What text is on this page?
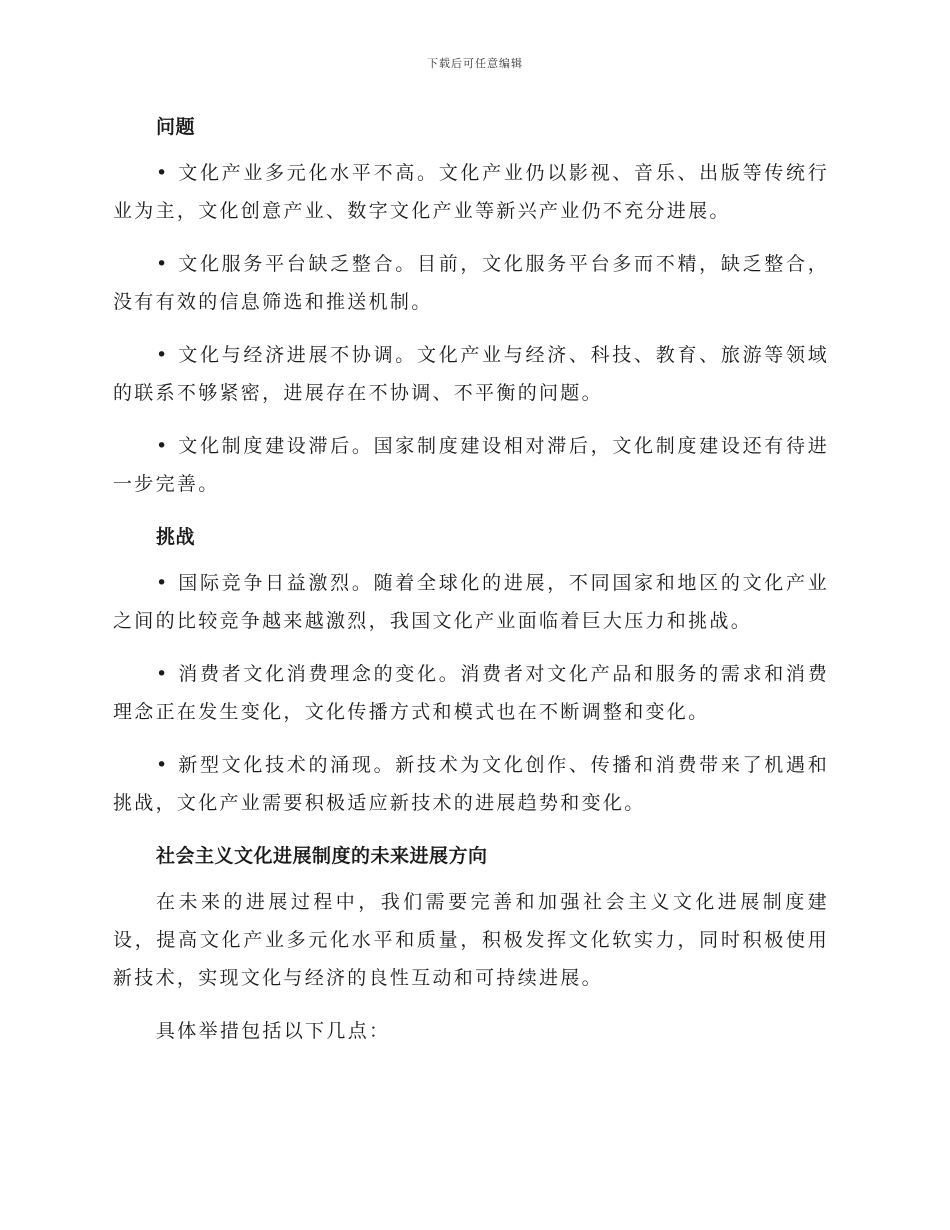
下载后可任意编辑
问题

• 文化产业多元化水平不高。文化产业仍以影视、音乐、出版等传统行业为主，文化创意产业、数字文化产业等新兴产业仍不充分进展。

• 文化服务平台缺乏整合。目前，文化服务平台多而不精，缺乏整合，没有有效的信息筛选和推送机制。

• 文化与经济进展不协调。文化产业与经济、科技、教育、旅游等领域的联系不够紧密，进展存在不协调、不平衡的问题。

• 文化制度建设滞后。国家制度建设相对滞后，文化制度建设还有待进一步完善。

挑战

• 国际竞争日益激烈。随着全球化的进展，不同国家和地区的文化产业之间的比较竞争越来越激烈，我国文化产业面临着巨大压力和挑战。

• 消费者文化消费理念的变化。消费者对文化产品和服务的需求和消费理念正在发生变化，文化传播方式和模式也在不断调整和变化。

• 新型文化技术的涌现。新技术为文化创作、传播和消费带来了机遇和挑战，文化产业需要积极适应新技术的进展趋势和变化。

社会主义文化进展制度的未来进展方向

在未来的进展过程中，我们需要完善和加强社会主义文化进展制度建设，提高文化产业多元化水平和质量，积极发挥文化软实力，同时积极使用新技术，实现文化与经济的良性互动和可持续进展。

具体举措包括以下几点：
